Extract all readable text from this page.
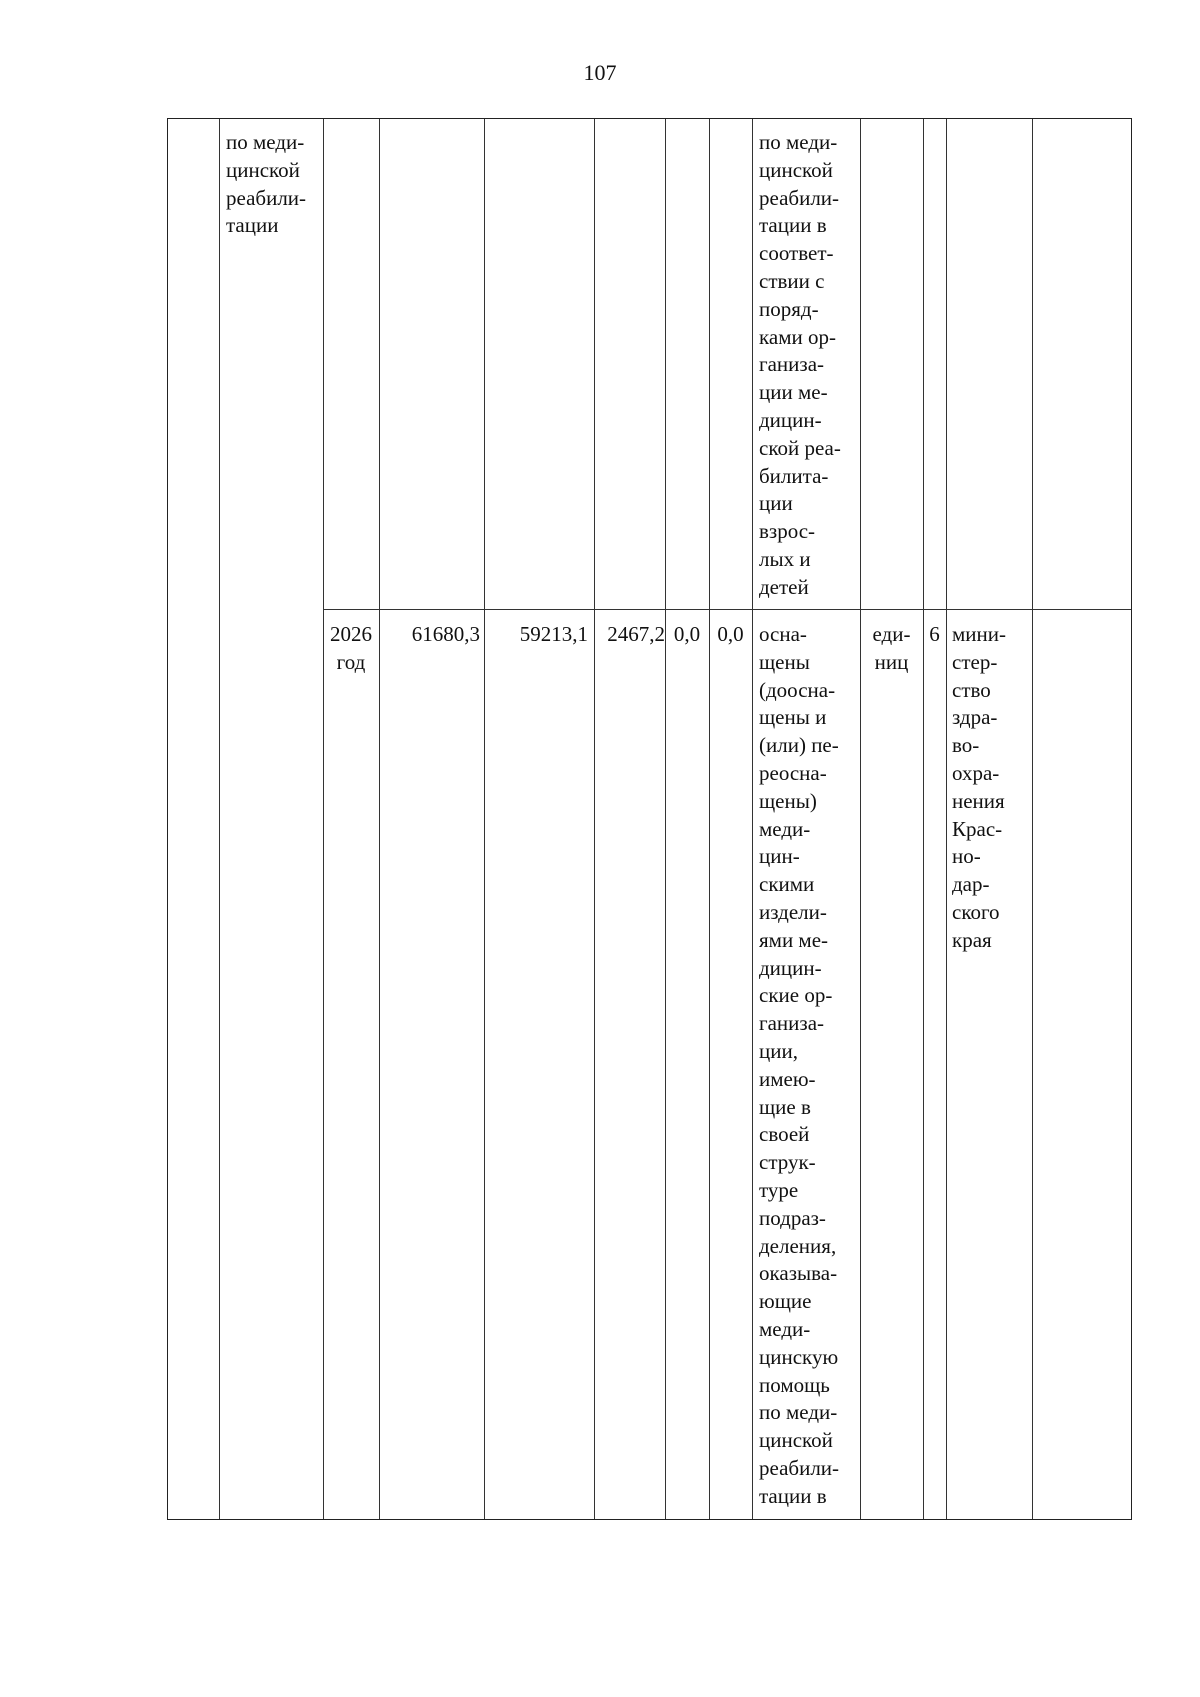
107
по меди-
цинской
реабили-
тации
по меди-
цинской
реабили-
тации в
соответ-
ствии с
поряд-
ками ор-
ганиза-
ции ме-
дицин-
ской реа-
билита-
ции
взрос-
лых и
детей
2026
год
61680,3	59213,1 2467,2 0,0 0,0 осна-
щены
(доосна-
щены и
(или) пе-
реосна-
щены)
меди-
цин-
скими
издели-
ями ме-
дицин-
ские ор-
ганиза-
ции,
имею-
щие в
своей
струк-
туре
подраз-
деления,
оказыва-
ющие
меди-
цинскую
помощь
по меди-
цинской
реабили-
тации в
еди-
ниц
6 мини-
стер-
ство
здра-
во-
охра-
нения
Крас-
но-
дар-
ского
края
